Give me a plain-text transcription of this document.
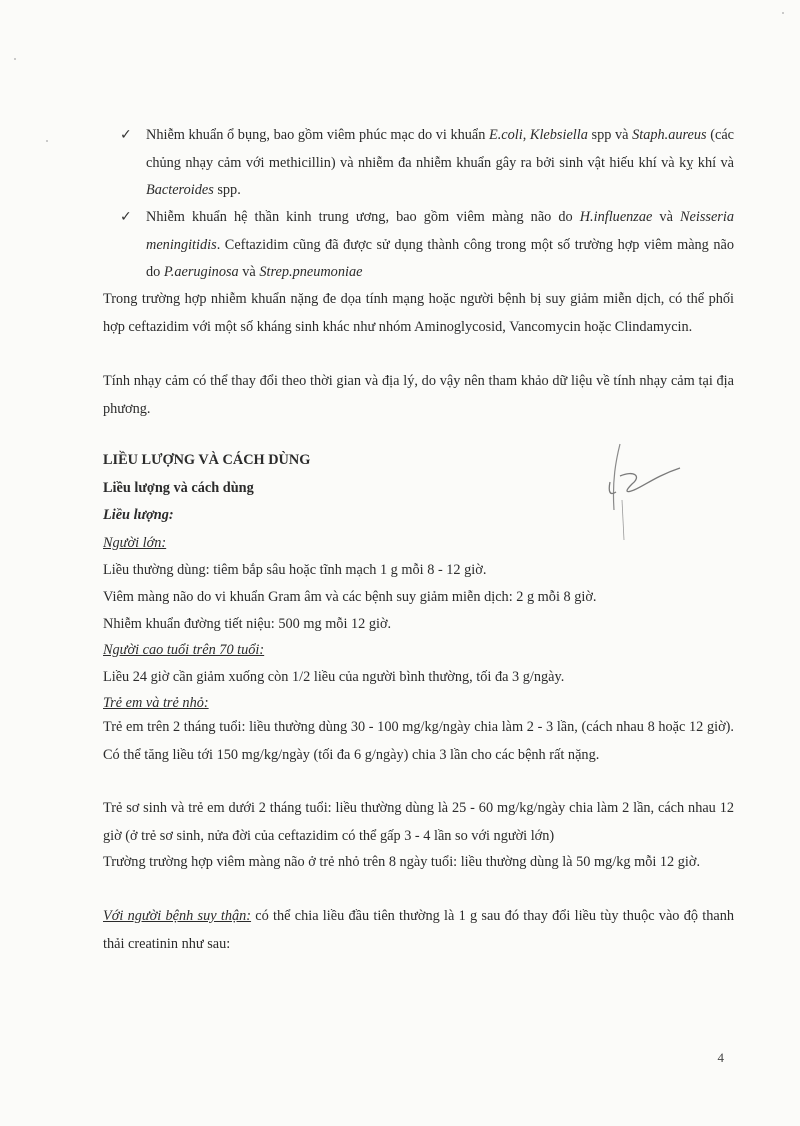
✓ Nhiễm khuẩn ổ bụng, bao gồm viêm phúc mạc do vi khuẩn E.coli, Klebsiella spp và Staph.aureus (các chủng nhạy cảm với methicillin) và nhiễm đa nhiễm khuẩn gây ra bởi sinh vật hiếu khí và kỵ khí và Bacteroides spp.
✓ Nhiễm khuẩn hệ thần kinh trung ương, bao gồm viêm màng não do H.influenzae và Neisseria meningitidis. Ceftazidim cũng đã được sử dụng thành công trong một số trường hợp viêm màng não do P.aeruginosa và Strep.pneumoniae
Trong trường hợp nhiễm khuẩn nặng đe dọa tính mạng hoặc người bệnh bị suy giảm miễn dịch, có thể phối hợp ceftazidim với một số kháng sinh khác như nhóm Aminoglycosid, Vancomycin hoặc Clindamycin.
Tính nhạy cảm có thể thay đổi theo thời gian và địa lý, do vậy nên tham khảo dữ liệu về tính nhạy cảm tại địa phương.
LIỀU LƯỢNG VÀ CÁCH DÙNG
Liều lượng và cách dùng
Liều lượng:
Người lớn:
Liều thường dùng: tiêm bắp sâu hoặc tĩnh mạch 1 g mỗi 8 - 12 giờ.
Viêm màng não do vi khuẩn Gram âm và các bệnh suy giảm miễn dịch: 2 g mỗi 8 giờ.
Nhiễm khuẩn đường tiết niệu: 500 mg mỗi 12 giờ.
Người cao tuổi trên 70 tuổi:
Liều 24 giờ cần giảm xuống còn 1/2 liều của người bình thường, tối đa 3 g/ngày.
Trẻ em và trẻ nhỏ:
Trẻ em trên 2 tháng tuổi: liều thường dùng 30 - 100 mg/kg/ngày chia làm 2 - 3 lần, (cách nhau 8 hoặc 12 giờ). Có thể tăng liều tới 150 mg/kg/ngày (tối đa 6 g/ngày) chia 3 lần cho các bệnh rất nặng.
Trẻ sơ sinh và trẻ em dưới 2 tháng tuổi: liều thường dùng là 25 - 60 mg/kg/ngày chia làm 2 lần, cách nhau 12 giờ (ở trẻ sơ sinh, nửa đời của ceftazidim có thể gấp 3 - 4 lần so với người lớn)
Trường trường hợp viêm màng não ở trẻ nhỏ trên 8 ngày tuổi: liều thường dùng là 50 mg/kg mỗi 12 giờ.
Với người bệnh suy thận: có thể chia liều đầu tiên thường là 1 g sau đó thay đổi liều tùy thuộc vào độ thanh thải creatinin như sau:
4
